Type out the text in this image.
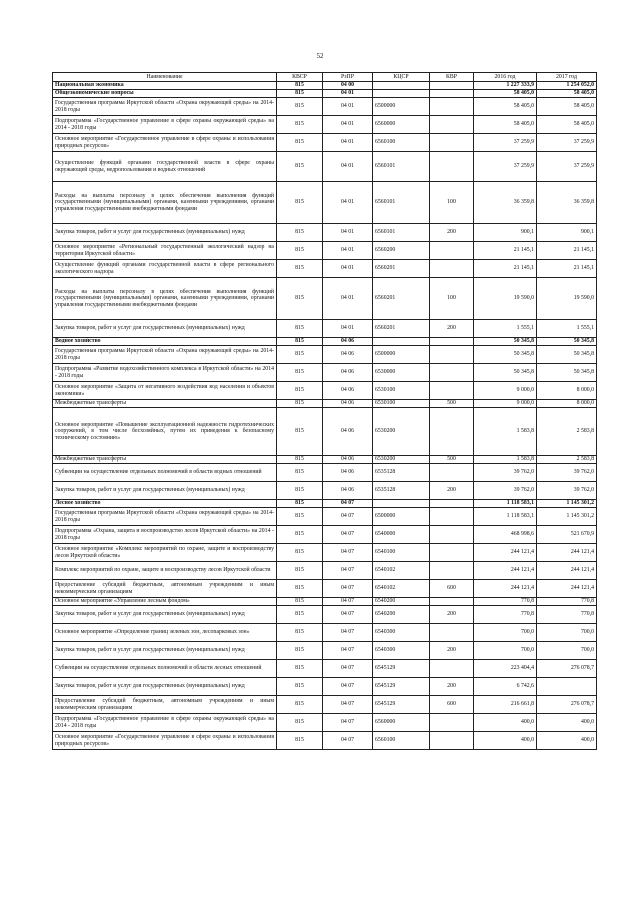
52
Наименование	КВСР	РзПР	КЦСР	КВР	2016 год	2017 год
Национальная экономика	815	04 00			1 227 333,9	1 254 052,0
Общеэкономические вопросы	815	04 01			58 405,0	58 405,0
Государственная программа Иркутской области «Охрана окружающей среды» на 2014-2018 годы	815	04 01	6500000		58 405,0	58 405,0
Подпрограмма «Государственное управление в сфере охраны окружающей среды» на 2014 - 2018 годы	815	04 01	6560000		58 405,0	58 405,0
Основное мероприятие «Государственное управление в сфере охраны и использования природных ресурсов»	815	04 01	6560100		37 259,9	37 259,9
Осуществление функций органами государственной власти в сфере охраны окружающей среды, недропользования и водных отношений	815	04 01	6560101		37 259,9	37 259,9
Расходы на выплаты персоналу в целях обеспечения выполнения функций государственными (муниципальными) органами, казенными учреждениями, органами управления государственными внебюджетными фондами	815	04 01	6560101	100	36 359,8	36 359,8
Закупка товаров, работ и услуг для государственных (муниципальных) нужд	815	04 01	6560101	200	900,1	900,1
Основное мероприятие «Региональный государственный экологический надзор на территории Иркутской области»	815	04 01	6560200		21 145,1	21 145,1
Осуществление функций органами государственной власти в сфере регионального экологического надзора	815	04 01	6560201		21 145,1	21 145,1
Расходы на выплаты персоналу в целях обеспечения выполнения функций государственными (муниципальными) органами, казенными учреждениями, органами управления государственными внебюджетными фондами	815	04 01	6560201	100	19 590,0	19 590,0
Закупка товаров, работ и услуг для государственных (муниципальных) нужд	815	04 01	6560201	200	1 555,1	1 555,1
Водное хозяйство	815	04 06			50 345,8	50 345,8
Государственная программа Иркутской области «Охрана окружающей среды» на 2014-2018 годы	815	04 06	6500000		50 345,8	50 345,8
Подпрограмма «Развитие водохозяйственного комплекса в Иркутской области» на 2014 - 2018 годы	815	04 06	6530000		50 345,8	50 345,8
Основное мероприятие «Защита от негативного воздействия вод населения и объектов экономики»	815	04 06	6530100		9 000,0	8 000,0
Межбюджетные трансферты	815	04 06	6530100	500	9 000,0	8 000,0
Основное мероприятие «Повышение эксплуатационной надежности гидротехнических сооружений, в том числе бесхозяйных, путем их приведения к безопасному техническому состоянию»	815	04 06	6530200		1 583,8	2 583,8
Межбюджетные трансферты	815	04 06	6530200	500	1 583,8	2 583,8
Субвенции на осуществление отдельных полномочий в области водных отношений	815	04 06	6535128		39 762,0	39 762,0
Закупка товаров, работ и услуг для государственных (муниципальных) нужд	815	04 06	6535128	200	39 762,0	39 762,0
Лесное хозяйство	815	04 07			1 118 583,1	1 145 301,2
Государственная программа Иркутской области «Охрана окружающей среды» на 2014-2018 годы	815	04 07	6500000		1 118 583,1	1 145 301,2
Подпрограмма «Охрана, защита и воспроизводство лесов Иркутской области» на 2014 - 2018 годы	815	04 07	6540000		468 998,6	521 670,9
Основное мероприятие «Комплекс мероприятий по охране, защите и воспроизводству лесов Иркутской области»	815	04 07	6540100		244 121,4	244 121,4
Комплекс мероприятий по охране, защите и воспроизводству лесов Иркутской области	815	04 07	6540102		244 121,4	244 121,4
Предоставление субсидий бюджетным, автономным учреждениям и иным некоммерческим организациям	815	04 07	6540102	600	244 121,4	244 121,4
Основное мероприятие «Управление лесным фондом»	815	04 07	6540200		770,8	770,8
Закупка товаров, работ и услуг для государственных (муниципальных) нужд	815	04 07	6540200	200	770,8	770,8
Основное мероприятие «Определение границ зеленых зон, лесопарковых зон»	815	04 07	6540300		700,0	700,0
Закупка товаров, работ и услуг для государственных (муниципальных) нужд	815	04 07	6540300	200	700,0	700,0
Субвенции на осуществление отдельных полномочий в области лесных отношений	815	04 07	6545129		223 404,4	276 078,7
Закупка товаров, работ и услуг для государственных (муниципальных) нужд	815	04 07	6545129	200	6 742,6	
Предоставление субсидий бюджетным, автономным учреждениям и иным некоммерческим организациям	815	04 07	6545129	600	216 661,8	276 078,7
Подпрограмма «Государственное управление в сфере охраны окружающей среды» на 2014 - 2018 годы	815	04 07	6560000		400,0	400,0
Основное мероприятие «Государственное управление в сфере охраны и использования природных ресурсов»	815	04 07	6560100		400,0	400,0
